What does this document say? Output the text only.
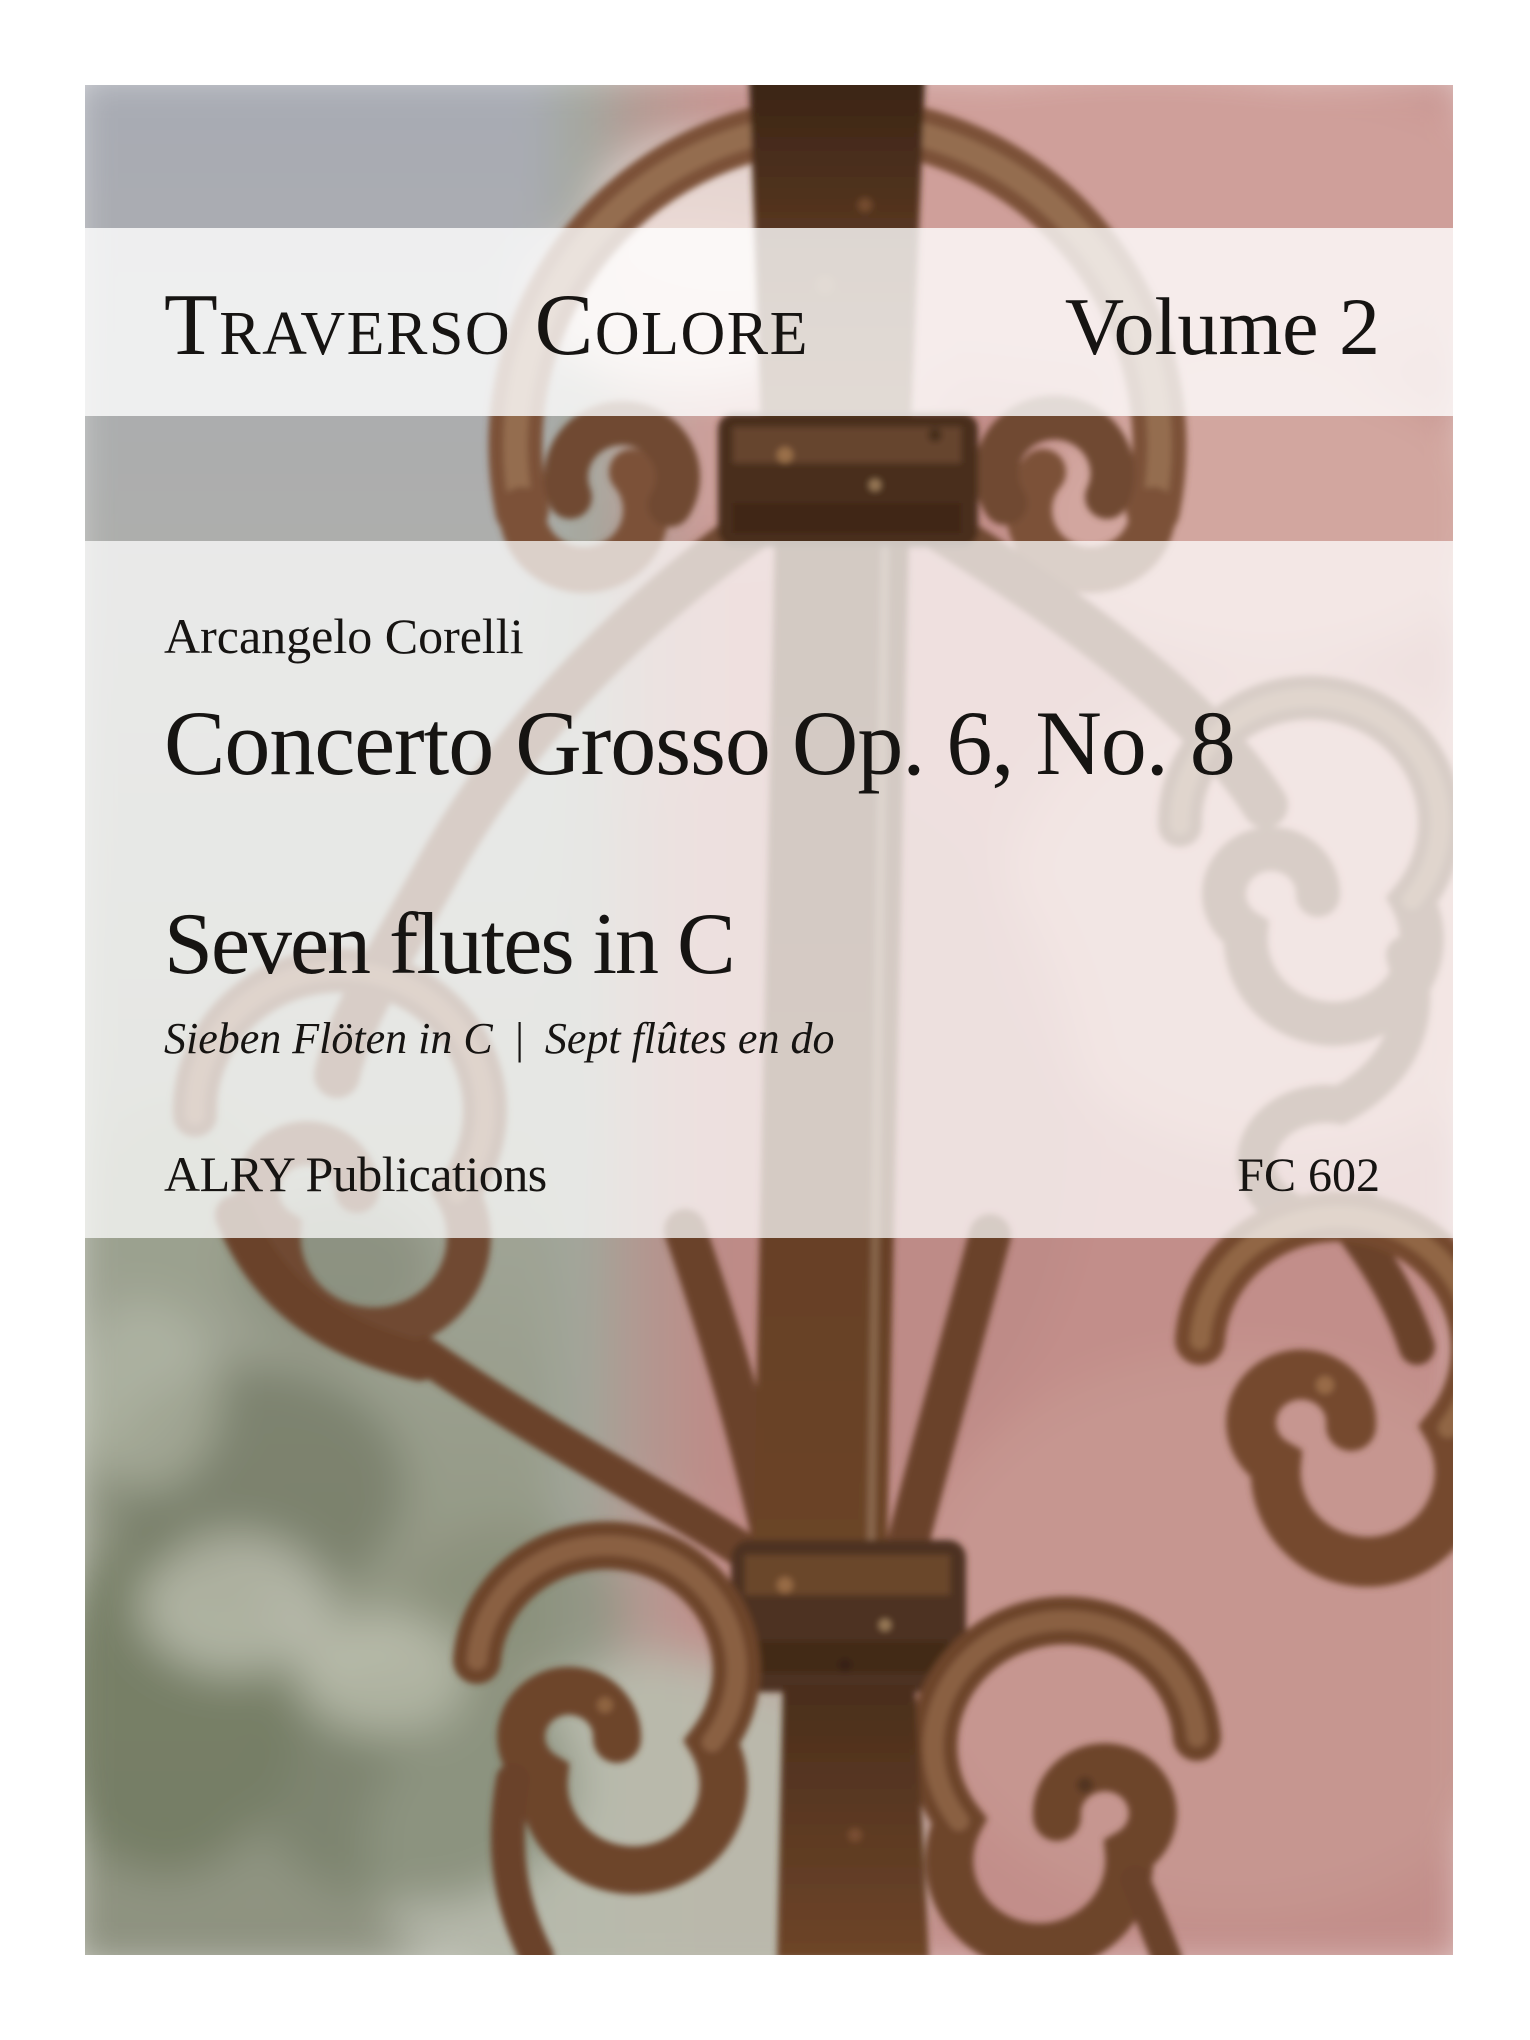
Traverso Colore	Volume 2
Arcangelo Corelli
Concerto Grosso Op. 6, No. 8
Seven flutes in C
Sieben Flöten in C | Sept flûtes en do
ALRY Publications	FC 602
